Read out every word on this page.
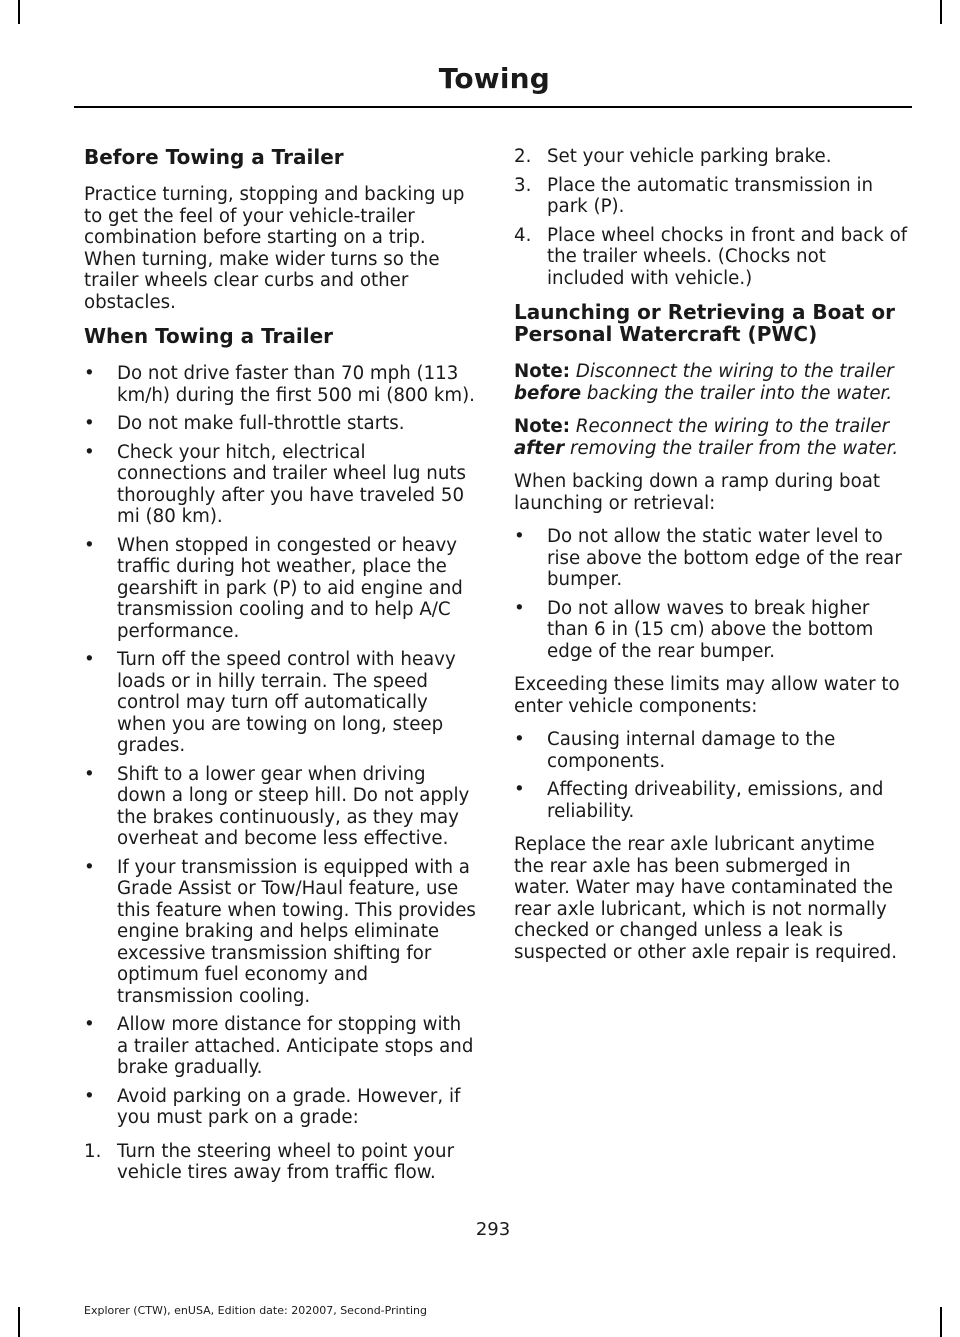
Towing
Before Towing a Trailer

Practice turning, stopping and backing up to get the feel of your vehicle-trailer combination before starting on a trip. When turning, make wider turns so the trailer wheels clear curbs and other obstacles.

When Towing a Trailer
• Do not drive faster than 70 mph (113 km/h) during the first 500 mi (800 km).
• Do not make full-throttle starts.
• Check your hitch, electrical connections and trailer wheel lug nuts thoroughly after you have traveled 50 mi (80 km).
• When stopped in congested or heavy traffic during hot weather, place the gearshift in park (P) to aid engine and transmission cooling and to help A/C performance.
• Turn off the speed control with heavy loads or in hilly terrain. The speed control may turn off automatically when you are towing on long, steep grades.
• Shift to a lower gear when driving down a long or steep hill. Do not apply the brakes continuously, as they may overheat and become less effective.
• If your transmission is equipped with a Grade Assist or Tow/Haul feature, use this feature when towing. This provides engine braking and helps eliminate excessive transmission shifting for optimum fuel economy and transmission cooling.
• Allow more distance for stopping with a trailer attached. Anticipate stops and brake gradually.
• Avoid parking on a grade. However, if you must park on a grade:
1. Turn the steering wheel to point your vehicle tires away from traffic flow.
2. Set your vehicle parking brake.
3. Place the automatic transmission in park (P).
4. Place wheel chocks in front and back of the trailer wheels. (Chocks not included with vehicle.)
Launching or Retrieving a Boat or Personal Watercraft (PWC)

Note: Disconnect the wiring to the trailer before backing the trailer into the water.

Note: Reconnect the wiring to the trailer after removing the trailer from the water.

When backing down a ramp during boat launching or retrieval:

• Do not allow the static water level to rise above the bottom edge of the rear bumper.
• Do not allow waves to break higher than 6 in (15 cm) above the bottom edge of the rear bumper.

Exceeding these limits may allow water to enter vehicle components:

• Causing internal damage to the components.
• Affecting driveability, emissions, and reliability.

Replace the rear axle lubricant anytime the rear axle has been submerged in water. Water may have contaminated the rear axle lubricant, which is not normally checked or changed unless a leak is suspected or other axle repair is required.

293
Explorer (CTW), enUSA, Edition date: 202007, Second-Printing
